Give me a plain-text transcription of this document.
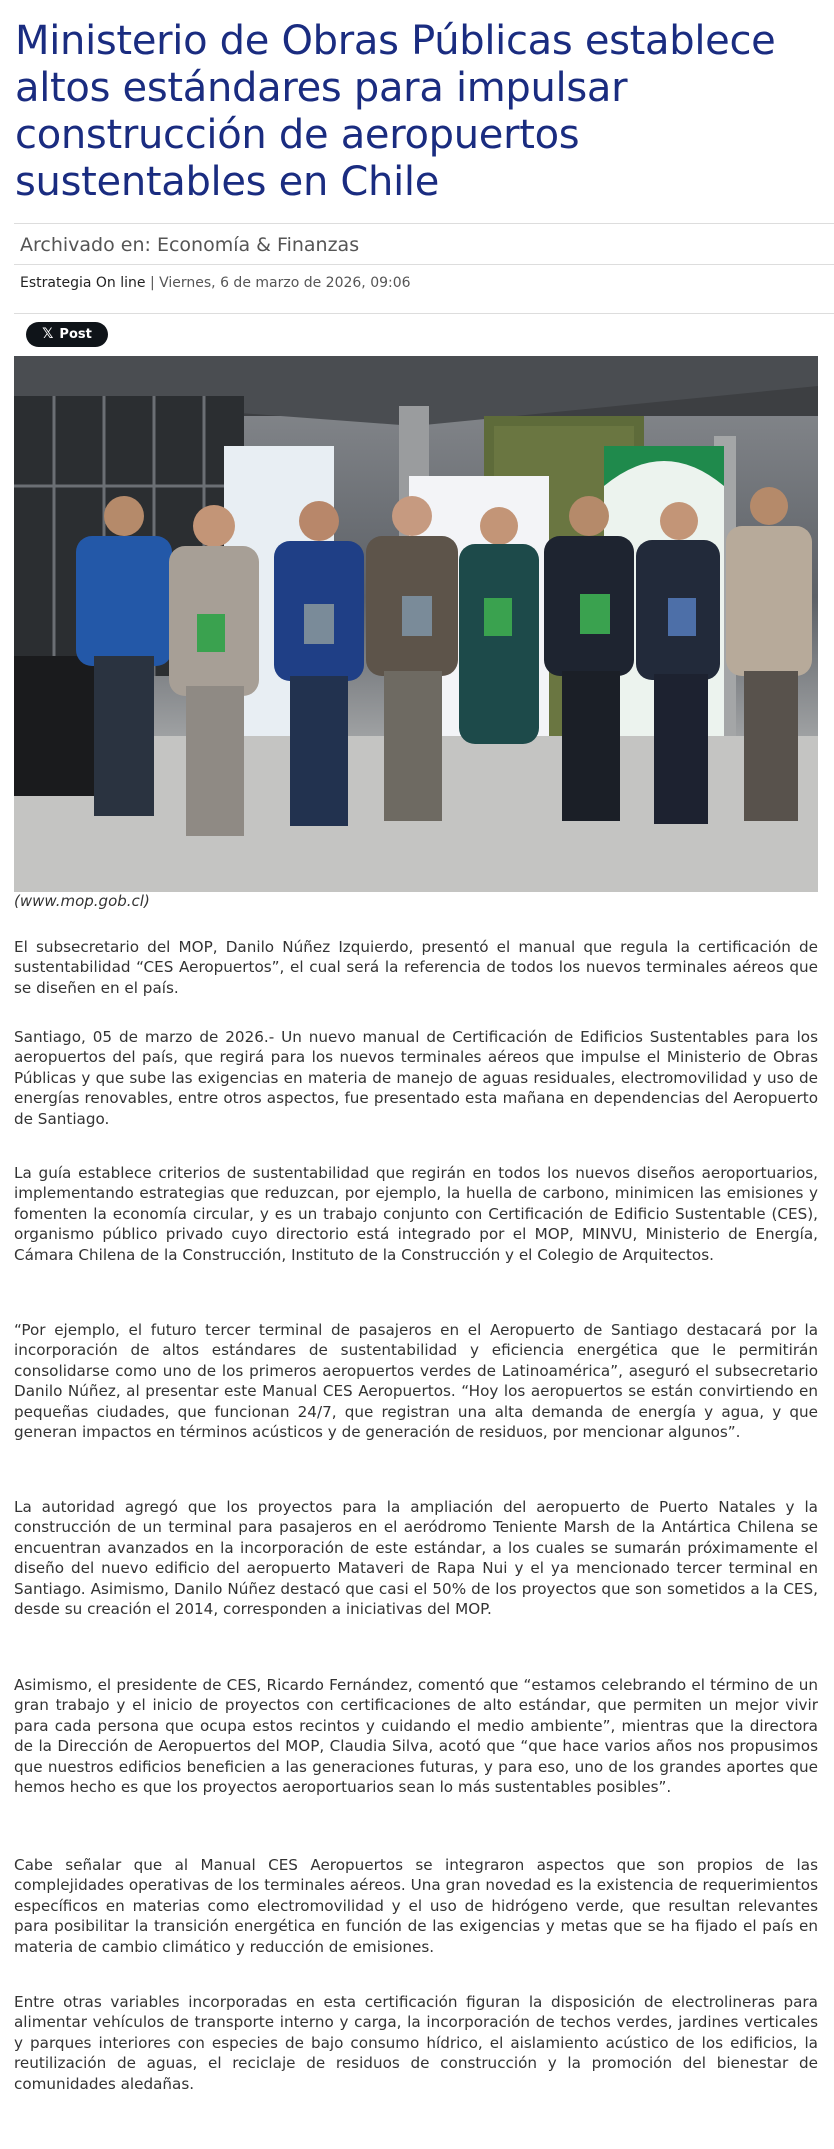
Ministerio de Obras Públicas establece altos estándares para impulsar construcción de aeropuertos sustentables en Chile
Archivado en: Economía & Finanzas
Estrategia On line | Viernes, 6 de marzo de 2026, 09:06
𝕏 Post
(www.mop.gob.cl)

El subsecretario del MOP, Danilo Núñez Izquierdo, presentó el manual que regula la certificación de sustentabilidad “CES Aeropuertos”, el cual será la referencia de todos los nuevos terminales aéreos que se diseñen en el país.

Santiago, 05 de marzo de 2026.- Un nuevo manual de Certificación de Edificios Sustentables para los aeropuertos del país, que regirá para los nuevos terminales aéreos que impulse el Ministerio de Obras Públicas y que sube las exigencias en materia de manejo de aguas residuales, electromovilidad y uso de energías renovables, entre otros aspectos, fue presentado esta mañana en dependencias del Aeropuerto de Santiago.

La guía establece criterios de sustentabilidad que regirán en todos los nuevos diseños aeroportuarios, implementando estrategias que reduzcan, por ejemplo, la huella de carbono, minimicen las emisiones y fomenten la economía circular, y es un trabajo conjunto con Certificación de Edificio Sustentable (CES), organismo público privado cuyo directorio está integrado por el MOP, MINVU, Ministerio de Energía, Cámara Chilena de la Construcción, Instituto de la Construcción y el Colegio de Arquitectos.

“Por ejemplo, el futuro tercer terminal de pasajeros en el Aeropuerto de Santiago destacará por la incorporación de altos estándares de sustentabilidad y eficiencia energética que le permitirán consolidarse como uno de los primeros aeropuertos verdes de Latinoamérica”, aseguró el subsecretario Danilo Núñez, al presentar este Manual CES Aeropuertos. “Hoy los aeropuertos se están convirtiendo en pequeñas ciudades, que funcionan 24/7, que registran una alta demanda de energía y agua, y que generan impactos en términos acústicos y de generación de residuos, por mencionar algunos”.

La autoridad agregó que los proyectos para la ampliación del aeropuerto de Puerto Natales y la construcción de un terminal para pasajeros en el aeródromo Teniente Marsh de la Antártica Chilena se encuentran avanzados en la incorporación de este estándar, a los cuales se sumarán próximamente el diseño del nuevo edificio del aeropuerto Mataveri de Rapa Nui y el ya mencionado tercer terminal en Santiago. Asimismo, Danilo Núñez destacó que casi el 50% de los proyectos que son sometidos a la CES, desde su creación el 2014, corresponden a iniciativas del MOP.

Asimismo, el presidente de CES, Ricardo Fernández, comentó que “estamos celebrando el término de un gran trabajo y el inicio de proyectos con certificaciones de alto estándar, que permiten un mejor vivir para cada persona que ocupa estos recintos y cuidando el medio ambiente”, mientras que la directora de la Dirección de Aeropuertos del MOP, Claudia Silva, acotó que “que hace varios años nos propusimos que nuestros edificios beneficien a las generaciones futuras, y para eso, uno de los grandes aportes que hemos hecho es que los proyectos aeroportuarios sean lo más sustentables posibles”.

Cabe señalar que al Manual CES Aeropuertos se integraron aspectos que son propios de las complejidades operativas de los terminales aéreos. Una gran novedad es la existencia de requerimientos específicos en materias como electromovilidad y el uso de hidrógeno verde, que resultan relevantes para posibilitar la transición energética en función de las exigencias y metas que se ha fijado el país en materia de cambio climático y reducción de emisiones.

Entre otras variables incorporadas en esta certificación figuran la disposición de electrolineras para alimentar vehículos de transporte interno y carga, la incorporación de techos verdes, jardines verticales y parques interiores con especies de bajo consumo hídrico, el aislamiento acústico de los edificios, la reutilización de aguas, el reciclaje de residuos de construcción y la promoción del bienestar de comunidades aledañas.
